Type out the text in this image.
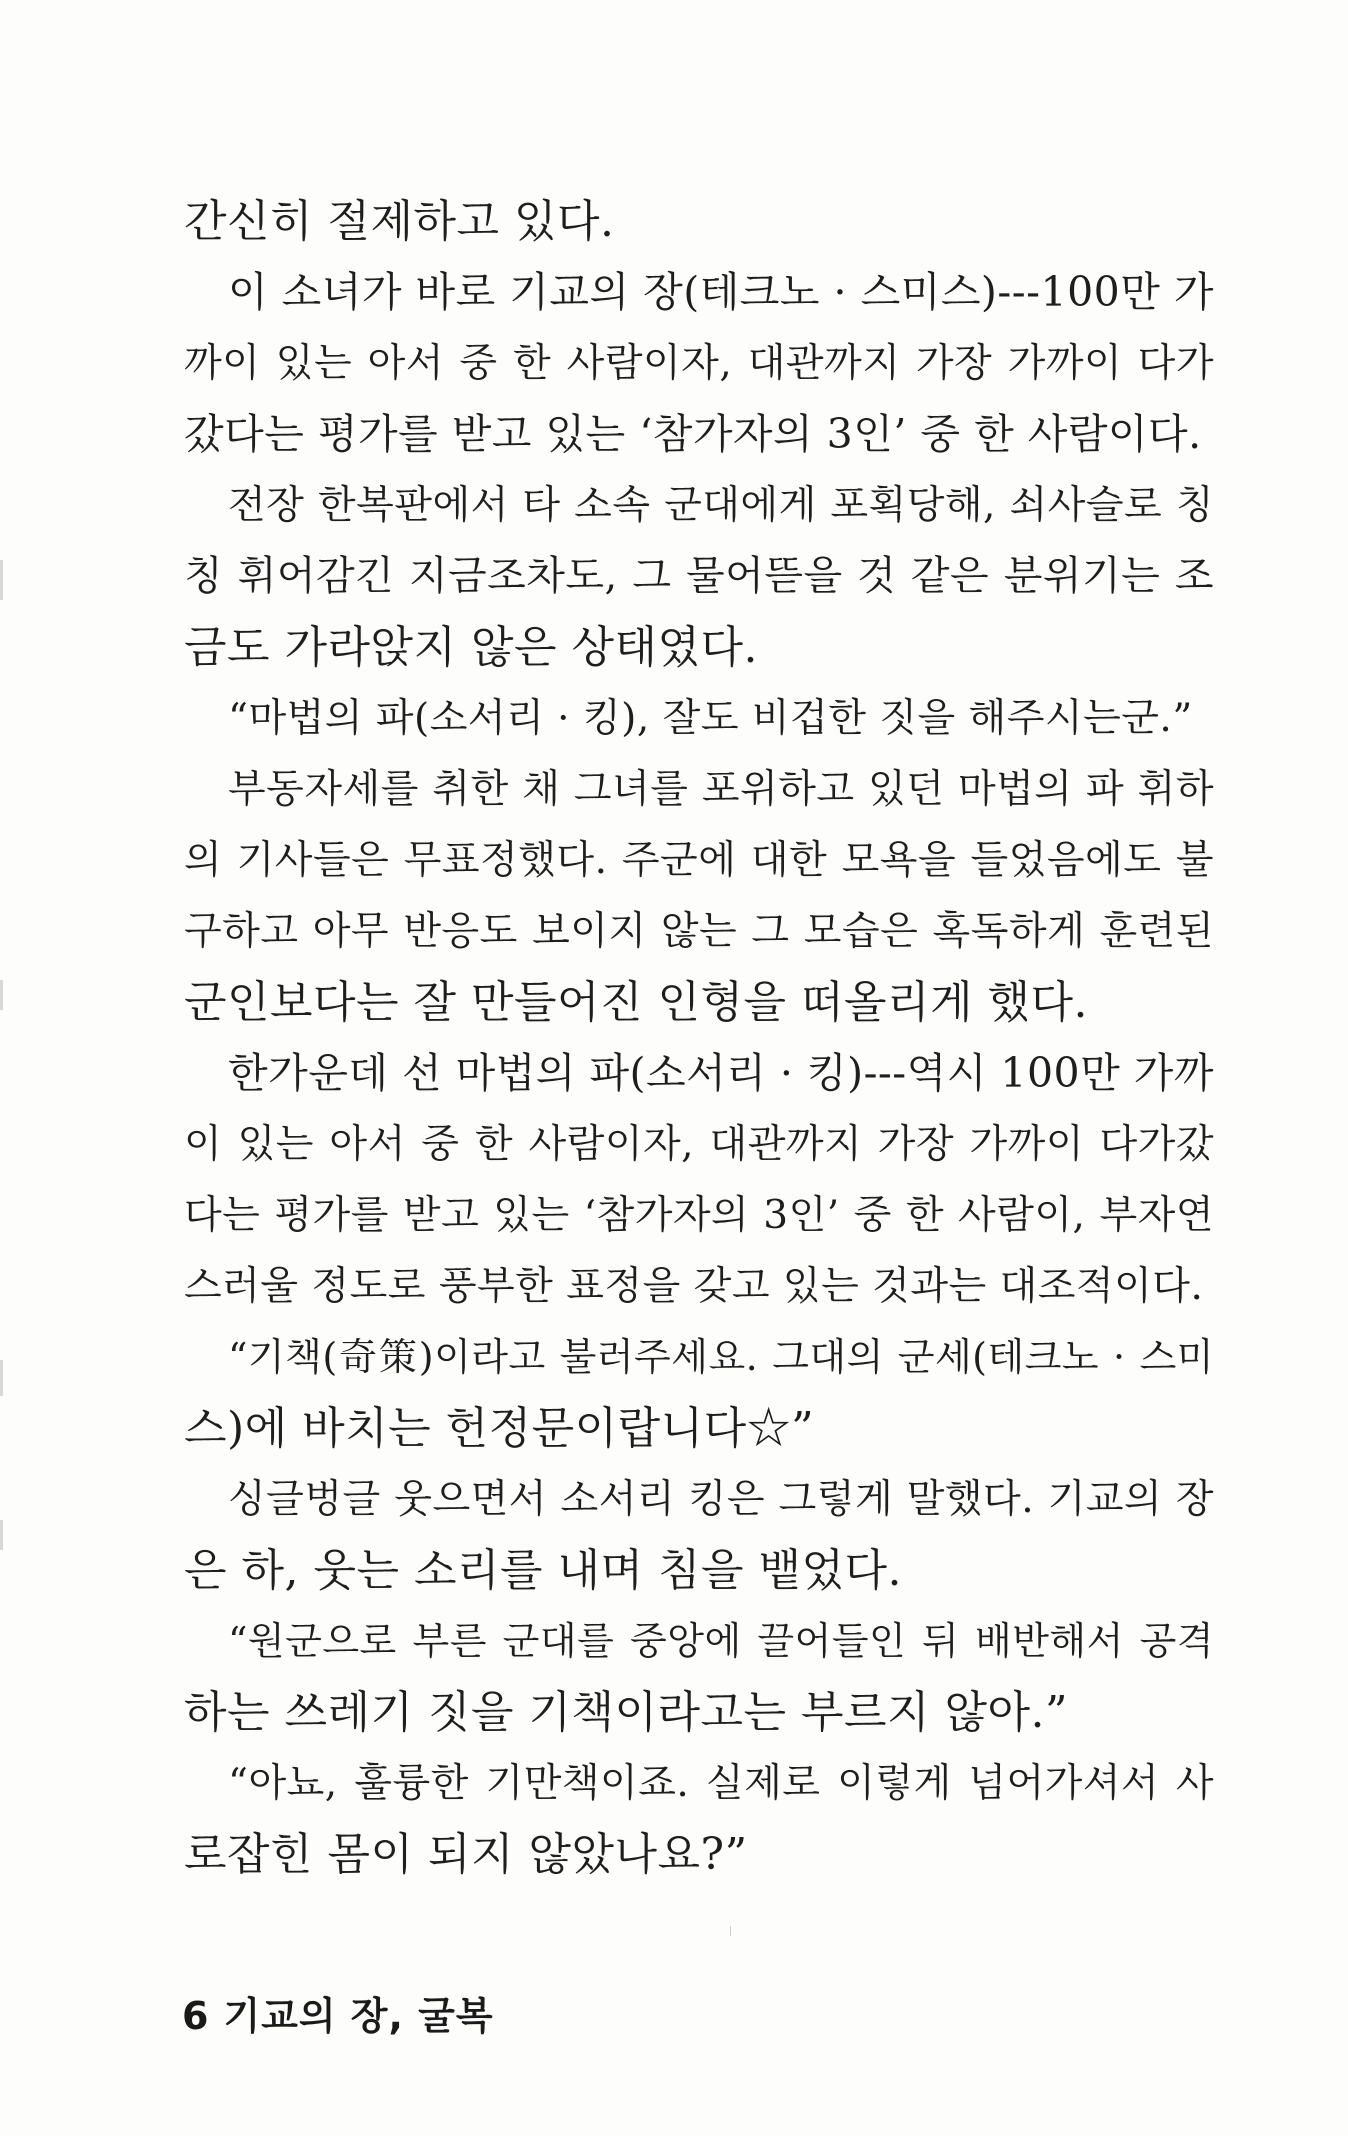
간신히 절제하고 있다.
이 소녀가 바로 기교의 장(테크노 · 스미스)---100만 가
까이 있는 아서 중 한 사람이자, 대관까지 가장 가까이 다가
갔다는 평가를 받고 있는 ‘참가자의 3인’ 중 한 사람이다.
전장 한복판에서 타 소속 군대에게 포획당해, 쇠사슬로 칭
칭 휘어감긴 지금조차도, 그 물어뜯을 것 같은 분위기는 조
금도 가라앉지 않은 상태였다.
“마법의 파(소서리 · 킹), 잘도 비겁한 짓을 해주시는군.”
부동자세를 취한 채 그녀를 포위하고 있던 마법의 파 휘하
의 기사들은 무표정했다. 주군에 대한 모욕을 들었음에도 불
구하고 아무 반응도 보이지 않는 그 모습은 혹독하게 훈련된
군인보다는 잘 만들어진 인형을 떠올리게 했다.
한가운데 선 마법의 파(소서리 · 킹)---역시 100만 가까
이 있는 아서 중 한 사람이자, 대관까지 가장 가까이 다가갔
다는 평가를 받고 있는 ‘참가자의 3인’ 중 한 사람이, 부자연
스러울 정도로 풍부한 표정을 갖고 있는 것과는 대조적이다.
“기책(奇策)이라고 불러주세요. 그대의 군세(테크노 · 스미
스)에 바치는 헌정문이랍니다☆”
싱글벙글 웃으면서 소서리 킹은 그렇게 말했다. 기교의 장
은 하, 웃는 소리를 내며 침을 뱉었다.
“원군으로 부른 군대를 중앙에 끌어들인 뒤 배반해서 공격
하는 쓰레기 짓을 기책이라고는 부르지 않아.”
“아뇨, 훌륭한 기만책이죠. 실제로 이렇게 넘어가셔서 사
로잡힌 몸이 되지 않았나요?”
6 기교의 장, 굴복
